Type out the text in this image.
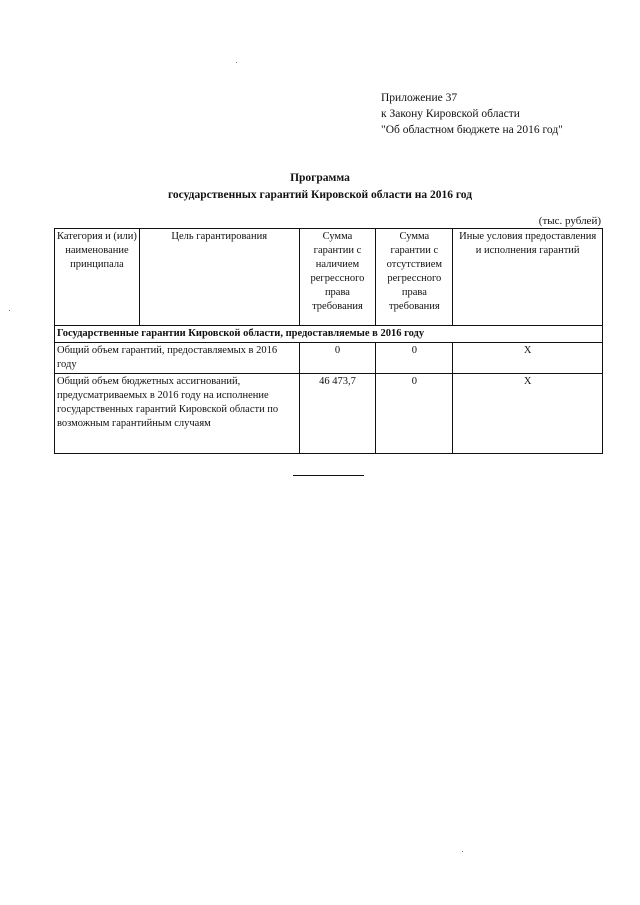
Приложение 37
к Закону Кировской области
"Об областном бюджете на 2016 год"
Программа
государственных гарантий Кировской области на 2016 год
(тыс. рублей)
Категория и (или) наименование принципала	Цель гарантирования	Сумма гарантии с наличием регрессного права требования	Сумма гарантии с отсутствием регрессного права требования	Иные условия предоставления и исполнения гарантий
Государственные гарантии Кировской области, предоставляемые в 2016 году				
Общий объем гарантий, предоставляемых в 2016 году		0	0	Х
Общий объем бюджетных ассигнований, предусматриваемых в 2016 году на исполнение государственных гарантий Кировской области по возможным гарантийным случаям		46 473,7	0	Х
